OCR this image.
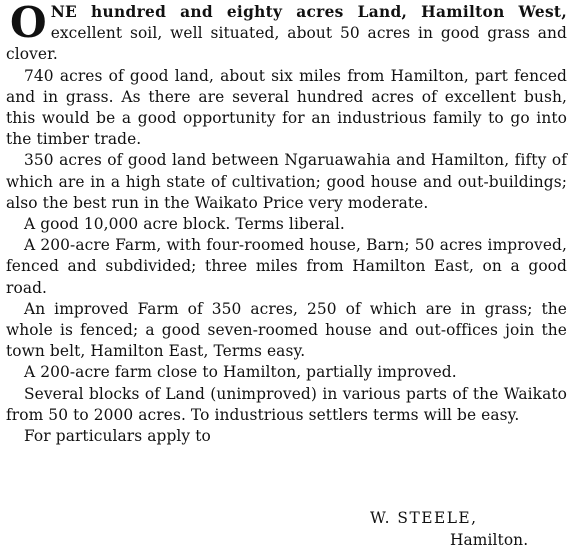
ONE hundred and eighty acres Land, Hamilton West, excellent soil, well situated, about 50 acres in good grass and clover.

740 acres of good land, about six miles from Hamilton, part fenced and in grass. As there are several hundred acres of excellent bush, this would be a good opportunity for an industrious family to go into the timber trade.

350 acres of good land between Ngaruawahia and Hamilton, fifty of which are in a high state of cultivation; good house and out-buildings; also the best run in the Waikato Price very moderate.

A good 10,000 acre block. Terms liberal.

A 200-acre Farm, with four-roomed house, Barn; 50 acres improved, fenced and subdivided; three miles from Hamilton East, on a good road.

An improved Farm of 350 acres, 250 of which are in grass; the whole is fenced; a good seven-roomed house and out-offices join the town belt, Hamilton East, Terms easy.

A 200-acre farm close to Hamilton, partially improved.

Several blocks of Land (unimproved) in various parts of the Waikato from 50 to 2000 acres. To industrious settlers terms will be easy.

For particulars apply to

W. STEELE,
Hamilton.
